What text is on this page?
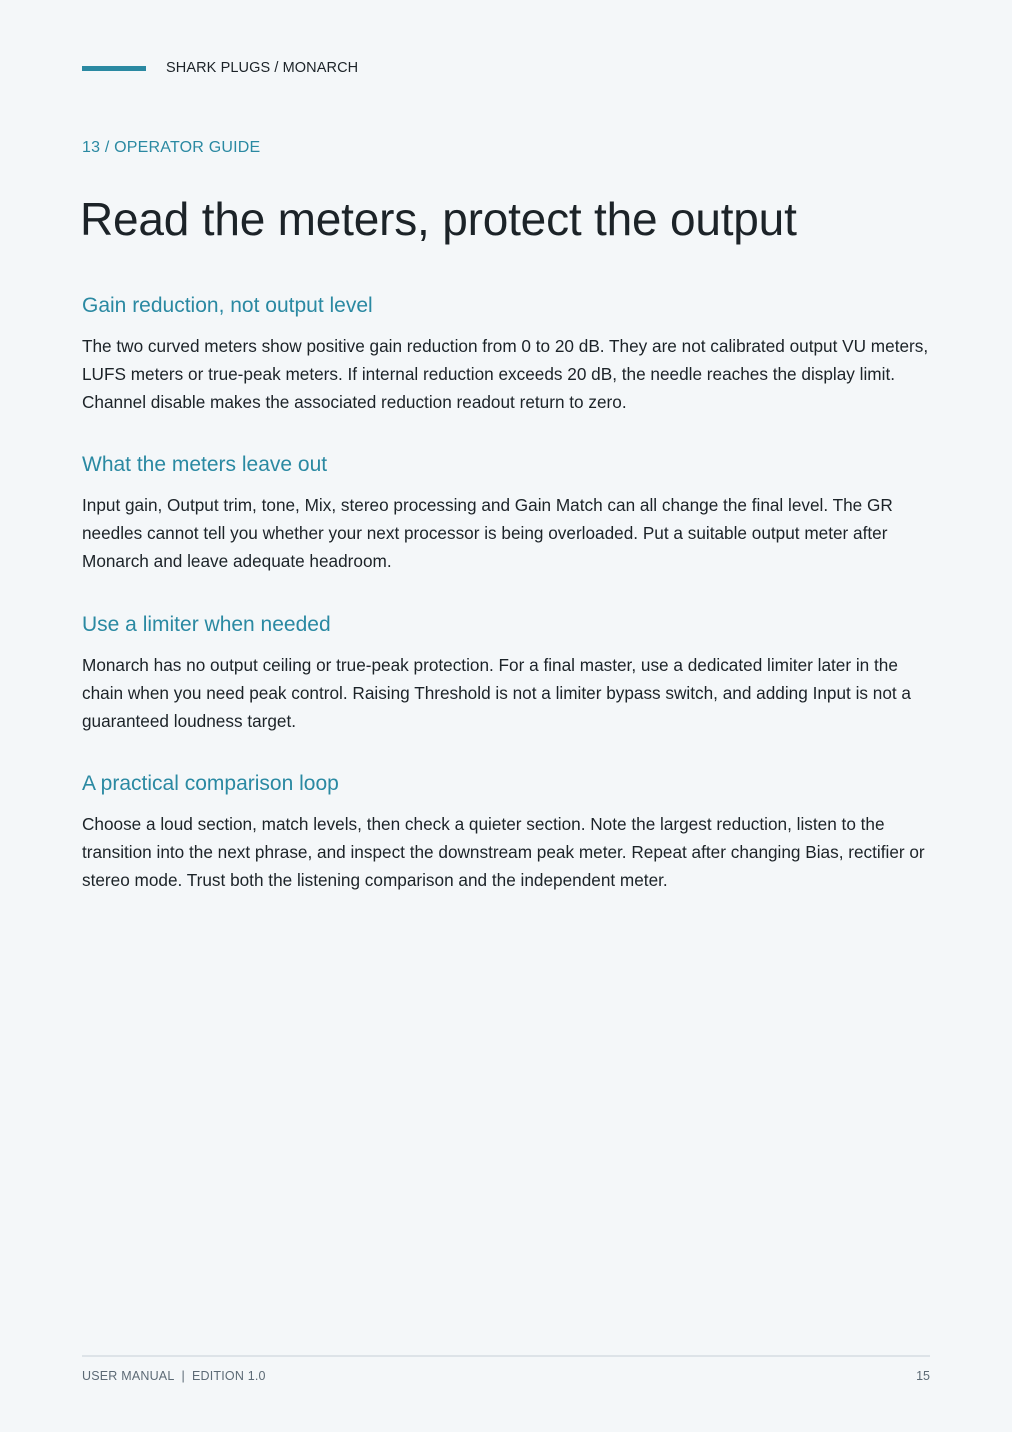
SHARK PLUGS / MONARCH
13 / OPERATOR GUIDE
Read the meters, protect the output
Gain reduction, not output level

The two curved meters show positive gain reduction from 0 to 20 dB. They are not calibrated output VU meters, LUFS meters or true-peak meters. If internal reduction exceeds 20 dB, the needle reaches the display limit. Channel disable makes the associated reduction readout return to zero.

What the meters leave out

Input gain, Output trim, tone, Mix, stereo processing and Gain Match can all change the final level. The GR needles cannot tell you whether your next processor is being overloaded. Put a suitable output meter after Monarch and leave adequate headroom.

Use a limiter when needed

Monarch has no output ceiling or true-peak protection. For a final master, use a dedicated limiter later in the chain when you need peak control. Raising Threshold is not a limiter bypass switch, and adding Input is not a guaranteed loudness target.

A practical comparison loop

Choose a loud section, match levels, then check a quieter section. Note the largest reduction, listen to the transition into the next phrase, and inspect the downstream peak meter. Repeat after changing Bias, rectifier or stereo mode. Trust both the listening comparison and the independent meter.

USER MANUAL | EDITION 1.0	15
